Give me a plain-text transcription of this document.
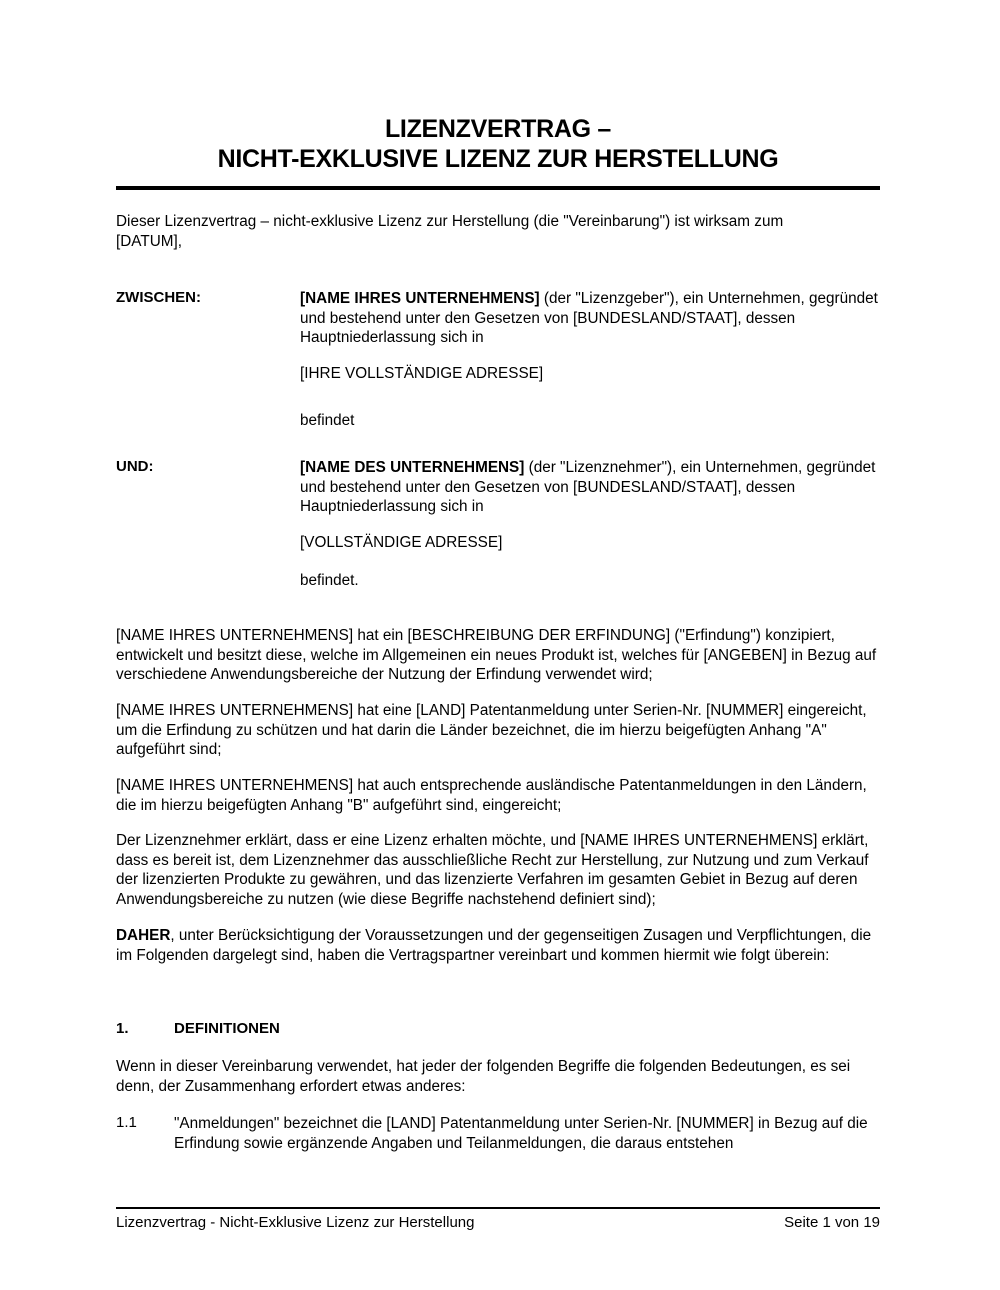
LIZENZVERTRAG –
NICHT-EXKLUSIVE LIZENZ ZUR HERSTELLUNG
Dieser Lizenzvertrag – nicht-exklusive Lizenz zur Herstellung (die "Vereinbarung") ist wirksam zum [DATUM],
ZWISCHEN:	[NAME IHRES UNTERNEHMENS] (der "Lizenzgeber"), ein Unternehmen, gegründet und bestehend unter den Gesetzen von [BUNDESLAND/STAAT], dessen Hauptniederlassung sich in
[IHRE VOLLSTÄNDIGE ADRESSE]
befindet
UND:	[NAME DES UNTERNEHMENS] (der "Lizenznehmer"), ein Unternehmen, gegründet und bestehend unter den Gesetzen von [BUNDESLAND/STAAT], dessen Hauptniederlassung sich in
[VOLLSTÄNDIGE ADRESSE]
befindet.
[NAME IHRES UNTERNEHMENS] hat ein [BESCHREIBUNG DER ERFINDUNG] ("Erfindung") konzipiert, entwickelt und besitzt diese, welche im Allgemeinen ein neues Produkt ist, welches für [ANGEBEN] in Bezug auf verschiedene Anwendungsbereiche der Nutzung der Erfindung verwendet wird;
[NAME IHRES UNTERNEHMENS] hat eine [LAND] Patentanmeldung unter Serien-Nr. [NUMMER] eingereicht, um die Erfindung zu schützen und hat darin die Länder bezeichnet, die im hierzu beigefügten Anhang "A" aufgeführt sind;
[NAME IHRES UNTERNEHMENS] hat auch entsprechende ausländische Patentanmeldungen in den Ländern, die im hierzu beigefügten Anhang "B" aufgeführt sind, eingereicht;
Der Lizenznehmer erklärt, dass er eine Lizenz erhalten möchte, und [NAME IHRES UNTERNEHMENS] erklärt, dass es bereit ist, dem Lizenznehmer das ausschließliche Recht zur Herstellung, zur Nutzung und zum Verkauf der lizenzierten Produkte zu gewähren, und das lizenzierte Verfahren im gesamten Gebiet in Bezug auf deren Anwendungsbereiche zu nutzen (wie diese Begriffe nachstehend definiert sind);
DAHER, unter Berücksichtigung der Voraussetzungen und der gegenseitigen Zusagen und Verpflichtungen, die im Folgenden dargelegt sind, haben die Vertragspartner vereinbart und kommen hiermit wie folgt überein:
1.	DEFINITIONEN
Wenn in dieser Vereinbarung verwendet, hat jeder der folgenden Begriffe die folgenden Bedeutungen, es sei denn, der Zusammenhang erfordert etwas anderes:
1.1 "Anmeldungen" bezeichnet die [LAND] Patentanmeldung unter Serien-Nr. [NUMMER] in Bezug auf die Erfindung sowie ergänzende Angaben und Teilanmeldungen, die daraus entstehen
Lizenzvertrag - Nicht-Exklusive Lizenz zur Herstellung	Seite 1 von 19
